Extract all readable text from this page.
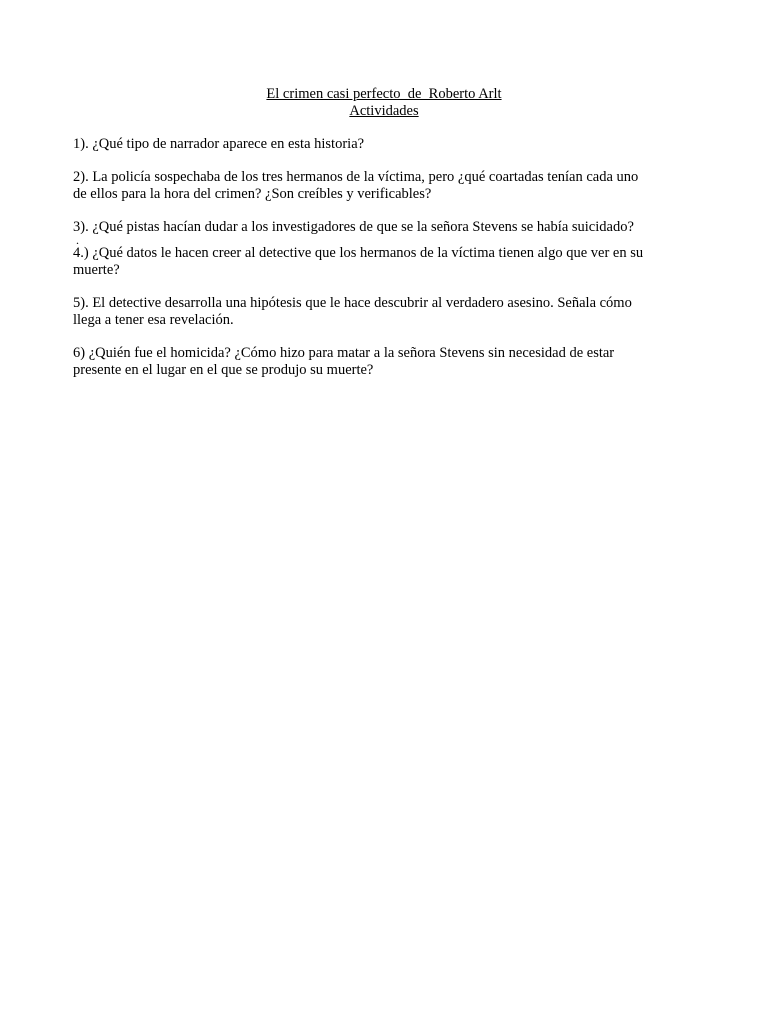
El crimen casi perfecto  de  Roberto Arlt
Actividades

1). ¿Qué tipo de narrador aparece en esta historia?

2). La policía sospechaba de los tres hermanos de la víctima, pero ¿qué coartadas tenían cada uno
de ellos para la hora del crimen? ¿Son creíbles y verificables?

3). ¿Qué pistas hacían dudar a los investigadores de que se la señora Stevens se había suicidado?

.

4.) ¿Qué datos le hacen creer al detective que los hermanos de la víctima tienen algo que ver en su
muerte?

5). El detective desarrolla una hipótesis que le hace descubrir al verdadero asesino. Señala cómo
llega a tener esa revelación.

6) ¿Quién fue el homicida? ¿Cómo hizo para matar a la señora Stevens sin necesidad de estar
presente en el lugar en el que se produjo su muerte?
